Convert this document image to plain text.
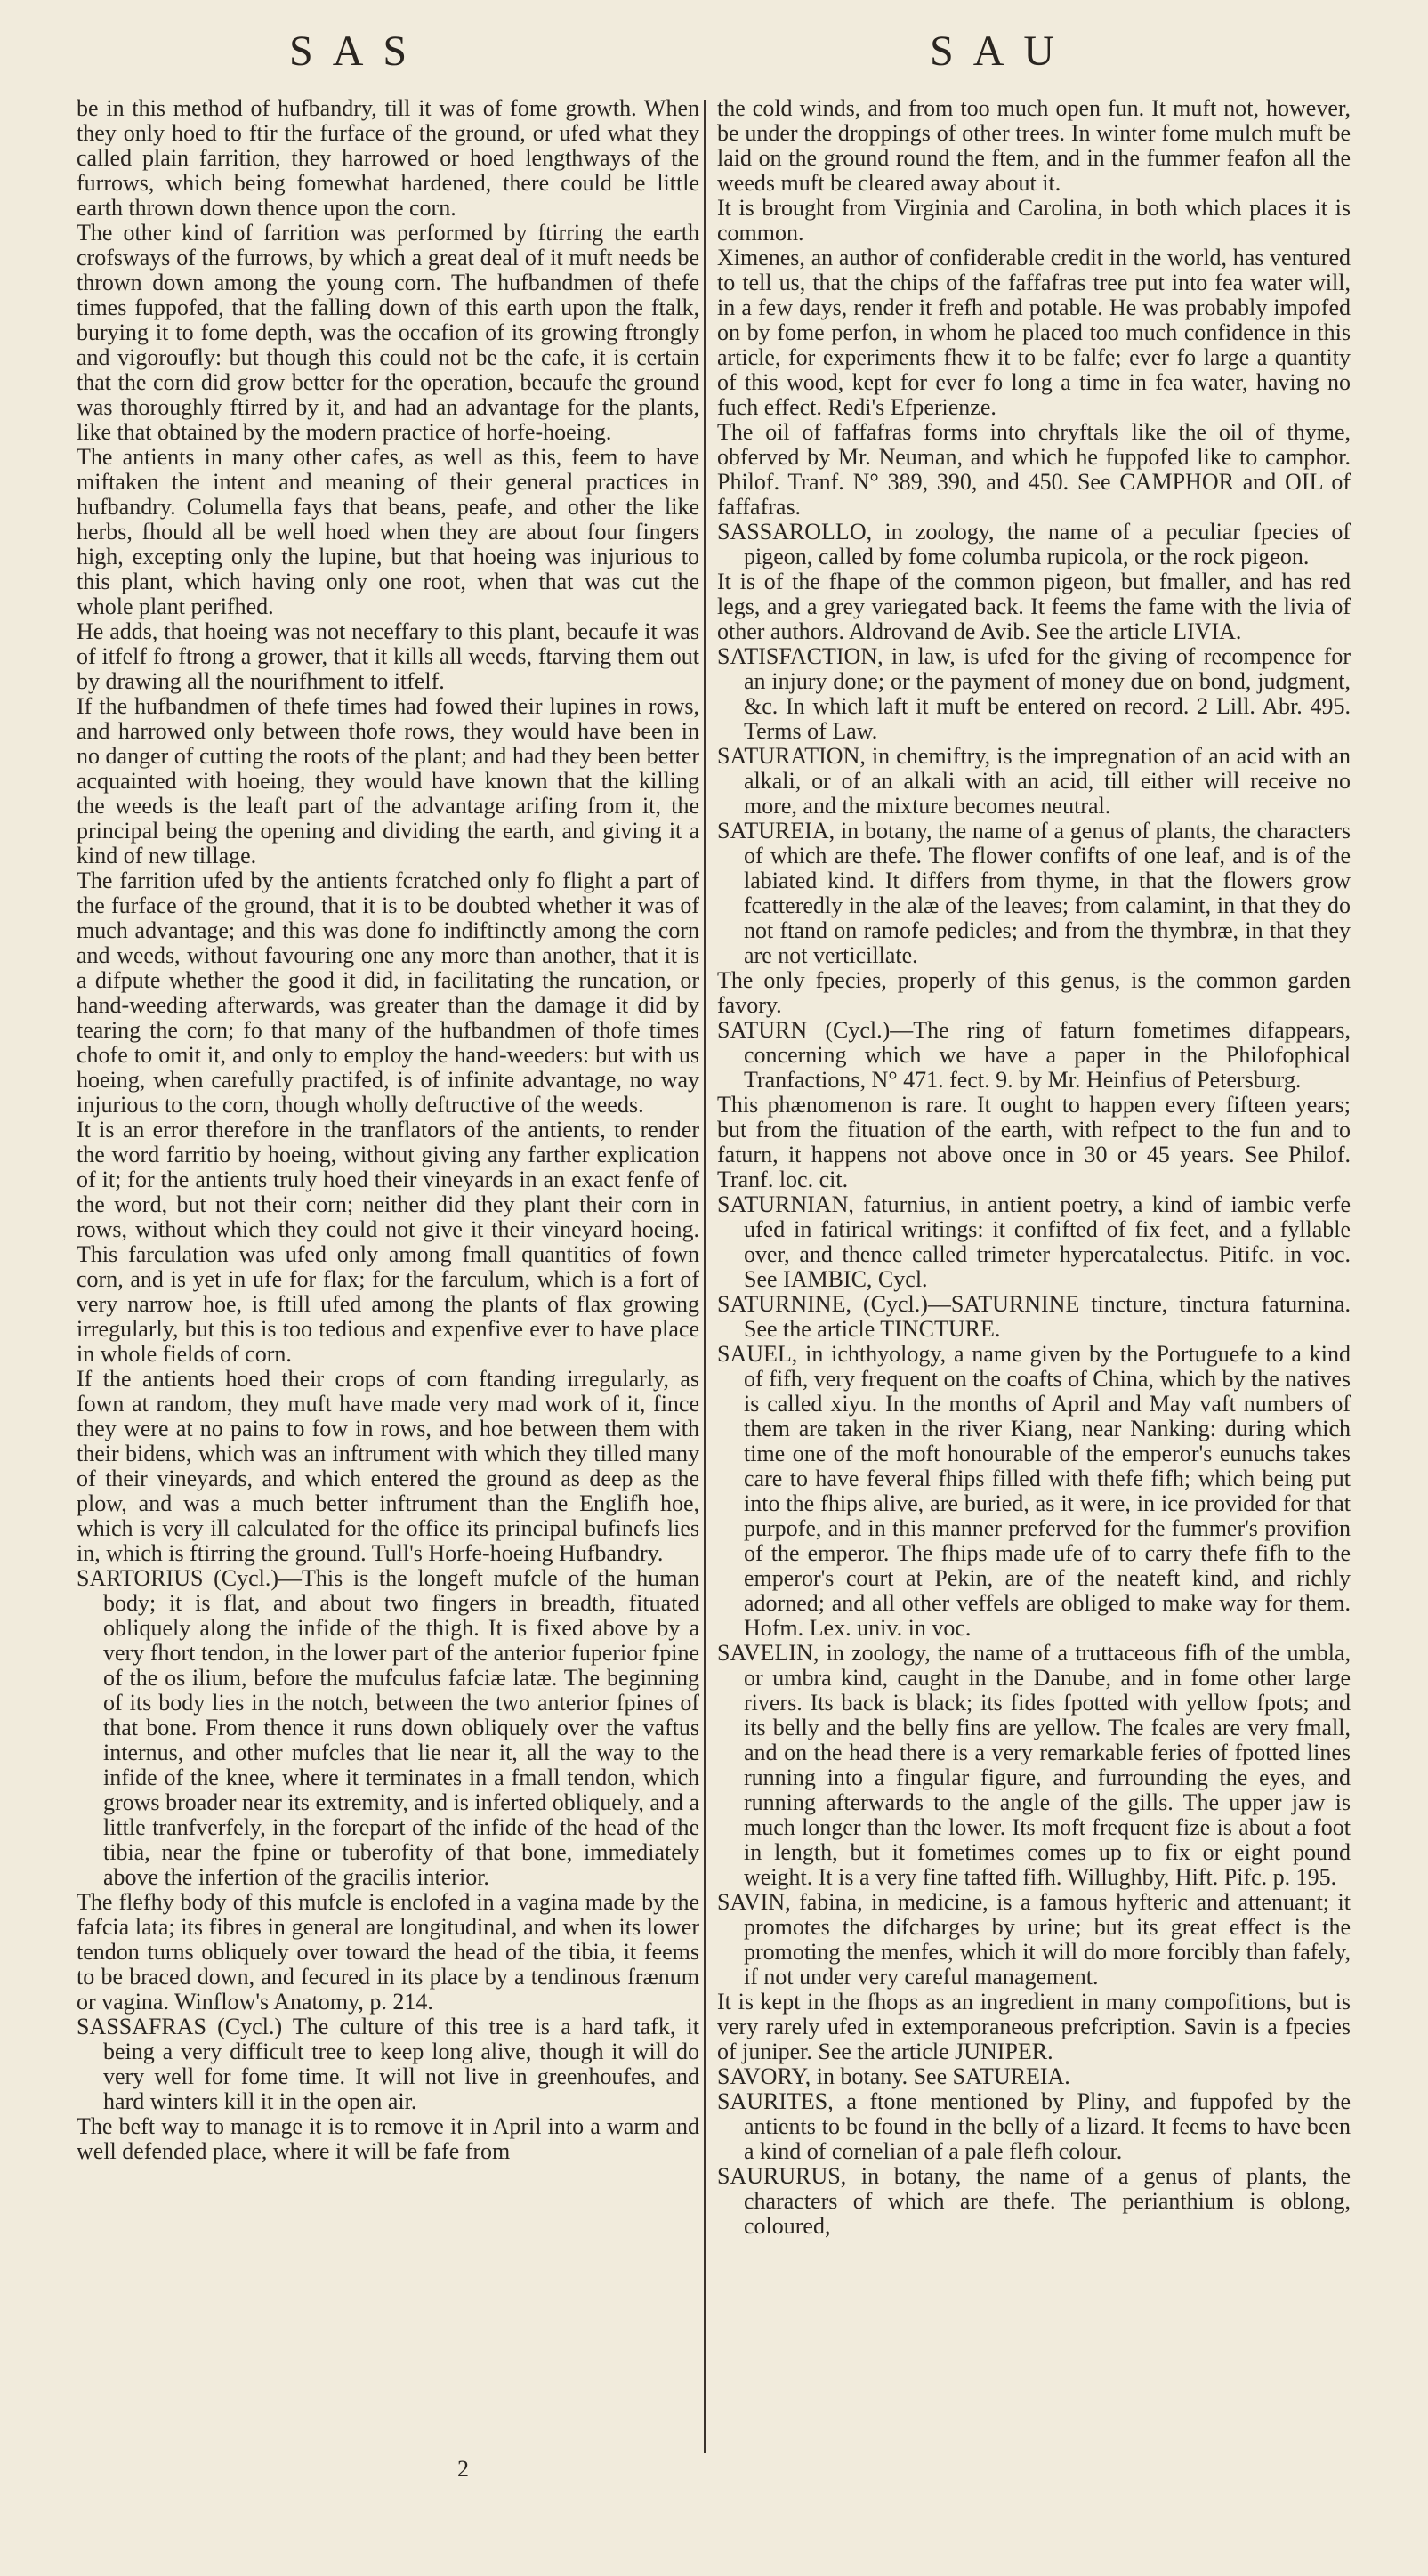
SAS	SAU

be in this method of hufbandry, till it was of fome growth. When they only hoed to ftir the furface of the ground, or ufed what they called plain farrition, they harrowed or hoed lengthways of the furrows, which being fomewhat hardened, there could be little earth thrown down thence upon the corn.

The other kind of farrition was performed by ftirring the earth crofsways of the furrows, by which a great deal of it muft needs be thrown down among the young corn. The hufbandmen of thefe times fuppofed, that the falling down of this earth upon the ftalk, burying it to fome depth, was the occafion of its growing ftrongly and vigoroufly: but though this could not be the cafe, it is certain that the corn did grow better for the operation, becaufe the ground was thoroughly ftirred by it, and had an advantage for the plants, like that obtained by the modern practice of horfe-hoeing.

The antients in many other cafes, as well as this, feem to have miftaken the intent and meaning of their general practices in hufbandry. Columella fays that beans, peafe, and other the like herbs, fhould all be well hoed when they are about four fingers high, excepting only the lupine, but that hoeing was injurious to this plant, which having only one root, when that was cut the whole plant perifhed.

He adds, that hoeing was not neceffary to this plant, becaufe it was of itfelf fo ftrong a grower, that it kills all weeds, ftarving them out by drawing all the nourifhment to itfelf.

If the hufbandmen of thefe times had fowed their lupines in rows, and harrowed only between thofe rows, they would have been in no danger of cutting the roots of the plant; and had they been better acquainted with hoeing, they would have known that the killing the weeds is the leaft part of the advantage arifing from it, the principal being the opening and dividing the earth, and giving it a kind of new tillage.

The farrition ufed by the antients fcratched only fo flight a part of the furface of the ground, that it is to be doubted whether it was of much advantage; and this was done fo indiftinctly among the corn and weeds, without favouring one any more than another, that it is a difpute whether the good it did, in facilitating the runcation, or hand-weeding afterwards, was greater than the damage it did by tearing the corn; fo that many of the hufbandmen of thofe times chofe to omit it, and only to employ the hand-weeders: but with us hoeing, when carefully practifed, is of infinite advantage, no way injurious to the corn, though wholly deftructive of the weeds.

It is an error therefore in the tranflators of the antients, to render the word farritio by hoeing, without giving any farther explication of it; for the antients truly hoed their vineyards in an exact fenfe of the word, but not their corn; neither did they plant their corn in rows, without which they could not give it their vineyard hoeing. This farculation was ufed only among fmall quantities of fown corn, and is yet in ufe for flax; for the farculum, which is a fort of very narrow hoe, is ftill ufed among the plants of flax growing irregularly, but this is too tedious and expenfive ever to have place in whole fields of corn.

If the antients hoed their crops of corn ftanding irregularly, as fown at random, they muft have made very mad work of it, fince they were at no pains to fow in rows, and hoe between them with their bidens, which was an inftrument with which they tilled many of their vineyards, and which entered the ground as deep as the plow, and was a much better inftrument than the Englifh hoe, which is very ill calculated for the office its principal bufinefs lies in, which is ftirring the ground. Tull's Horfe-hoeing Hufbandry.

SARTORIUS (Cycl.)—This is the longeft mufcle of the human body; it is flat, and about two fingers in breadth, fituated obliquely along the infide of the thigh. It is fixed above by a very fhort tendon, in the lower part of the anterior fuperior fpine of the os ilium, before the mufculus fafciæ latæ. The beginning of its body lies in the notch, between the two anterior fpines of that bone. From thence it runs down obliquely over the vaftus internus, and other mufcles that lie near it, all the way to the infide of the knee, where it terminates in a fmall tendon, which grows broader near its extremity, and is inferted obliquely, and a little tranfverfely, in the forepart of the infide of the head of the tibia, near the fpine or tuberofity of that bone, immediately above the infertion of the gracilis interior.

The flefhy body of this mufcle is enclofed in a vagina made by the fafcia lata; its fibres in general are longitudinal, and when its lower tendon turns obliquely over toward the head of the tibia, it feems to be braced down, and fecured in its place by a tendinous frænum or vagina. Winflow's Anatomy, p. 214.

SASSAFRAS (Cycl.) The culture of this tree is a hard tafk, it being a very difficult tree to keep long alive, though it will do very well for fome time. It will not live in greenhoufes, and hard winters kill it in the open air.

The beft way to manage it is to remove it in April into a warm and well defended place, where it will be fafe from

the cold winds, and from too much open fun. It muft not, however, be under the droppings of other trees. In winter fome mulch muft be laid on the ground round the ftem, and in the fummer feafon all the weeds muft be cleared away about it.

It is brought from Virginia and Carolina, in both which places it is common.

Ximenes, an author of confiderable credit in the world, has ventured to tell us, that the chips of the faffafras tree put into fea water will, in a few days, render it frefh and potable. He was probably impofed on by fome perfon, in whom he placed too much confidence in this article, for experiments fhew it to be falfe; ever fo large a quantity of this wood, kept for ever fo long a time in fea water, having no fuch effect. Redi's Efperienze.

The oil of faffafras forms into chryftals like the oil of thyme, obferved by Mr. Neuman, and which he fuppofed like to camphor. Philof. Tranf. N° 389, 390, and 450. See CAMPHOR and OIL of faffafras.

SASSAROLLO, in zoology, the name of a peculiar fpecies of pigeon, called by fome columba rupicola, or the rock pigeon.

It is of the fhape of the common pigeon, but fmaller, and has red legs, and a grey variegated back. It feems the fame with the livia of other authors. Aldrovand de Avib. See the article LIVIA.

SATISFACTION, in law, is ufed for the giving of recompence for an injury done; or the payment of money due on bond, judgment, &c. In which laft it muft be entered on record. 2 Lill. Abr. 495. Terms of Law.

SATURATION, in chemiftry, is the impregnation of an acid with an alkali, or of an alkali with an acid, till either will receive no more, and the mixture becomes neutral.

SATUREIA, in botany, the name of a genus of plants, the characters of which are thefe. The flower confifts of one leaf, and is of the labiated kind. It differs from thyme, in that the flowers grow fcatteredly in the alæ of the leaves; from calamint, in that they do not ftand on ramofe pedicles; and from the thymbræ, in that they are not verticillate.

The only fpecies, properly of this genus, is the common garden favory.

SATURN (Cycl.)—The ring of faturn fometimes difappears, concerning which we have a paper in the Philofophical Tranfactions, N° 471. fect. 9. by Mr. Heinfius of Petersburg.

This phænomenon is rare. It ought to happen every fifteen years; but from the fituation of the earth, with refpect to the fun and to faturn, it happens not above once in 30 or 45 years. See Philof. Tranf. loc. cit.

SATURNIAN, faturnius, in antient poetry, a kind of iambic verfe ufed in fatirical writings: it confifted of fix feet, and a fyllable over, and thence called trimeter hypercatalectus. Pitifc. in voc. See IAMBIC, Cycl.

SATURNINE, (Cycl.)—SATURNINE tincture, tinctura faturnina. See the article TINCTURE.

SAUEL, in ichthyology, a name given by the Portuguefe to a kind of fifh, very frequent on the coafts of China, which by the natives is called xiyu. In the months of April and May vaft numbers of them are taken in the river Kiang, near Nanking: during which time one of the moft honourable of the emperor's eunuchs takes care to have feveral fhips filled with thefe fifh; which being put into the fhips alive, are buried, as it were, in ice provided for that purpofe, and in this manner preferved for the fummer's provifion of the emperor. The fhips made ufe of to carry thefe fifh to the emperor's court at Pekin, are of the neateft kind, and richly adorned; and all other veffels are obliged to make way for them. Hofm. Lex. univ. in voc.

SAVELIN, in zoology, the name of a truttaceous fifh of the umbla, or umbra kind, caught in the Danube, and in fome other large rivers. Its back is black; its fides fpotted with yellow fpots; and its belly and the belly fins are yellow. The fcales are very fmall, and on the head there is a very remarkable feries of fpotted lines running into a fingular figure, and furrounding the eyes, and running afterwards to the angle of the gills. The upper jaw is much longer than the lower. Its moft frequent fize is about a foot in length, but it fometimes comes up to fix or eight pound weight. It is a very fine tafted fifh. Willughby, Hift. Pifc. p. 195.

SAVIN, fabina, in medicine, is a famous hyfteric and attenuant; it promotes the difcharges by urine; but its great effect is the promoting the menfes, which it will do more forcibly than fafely, if not under very careful management.

It is kept in the fhops as an ingredient in many compofitions, but is very rarely ufed in extemporaneous prefcription. Savin is a fpecies of juniper. See the article JUNIPER.

SAVORY, in botany. See SATUREIA.

SAURITES, a ftone mentioned by Pliny, and fuppofed by the antients to be found in the belly of a lizard. It feems to have been a kind of cornelian of a pale flefh colour.

SAURURUS, in botany, the name of a genus of plants, the characters of which are thefe. The perianthium is oblong, coloured,

2
